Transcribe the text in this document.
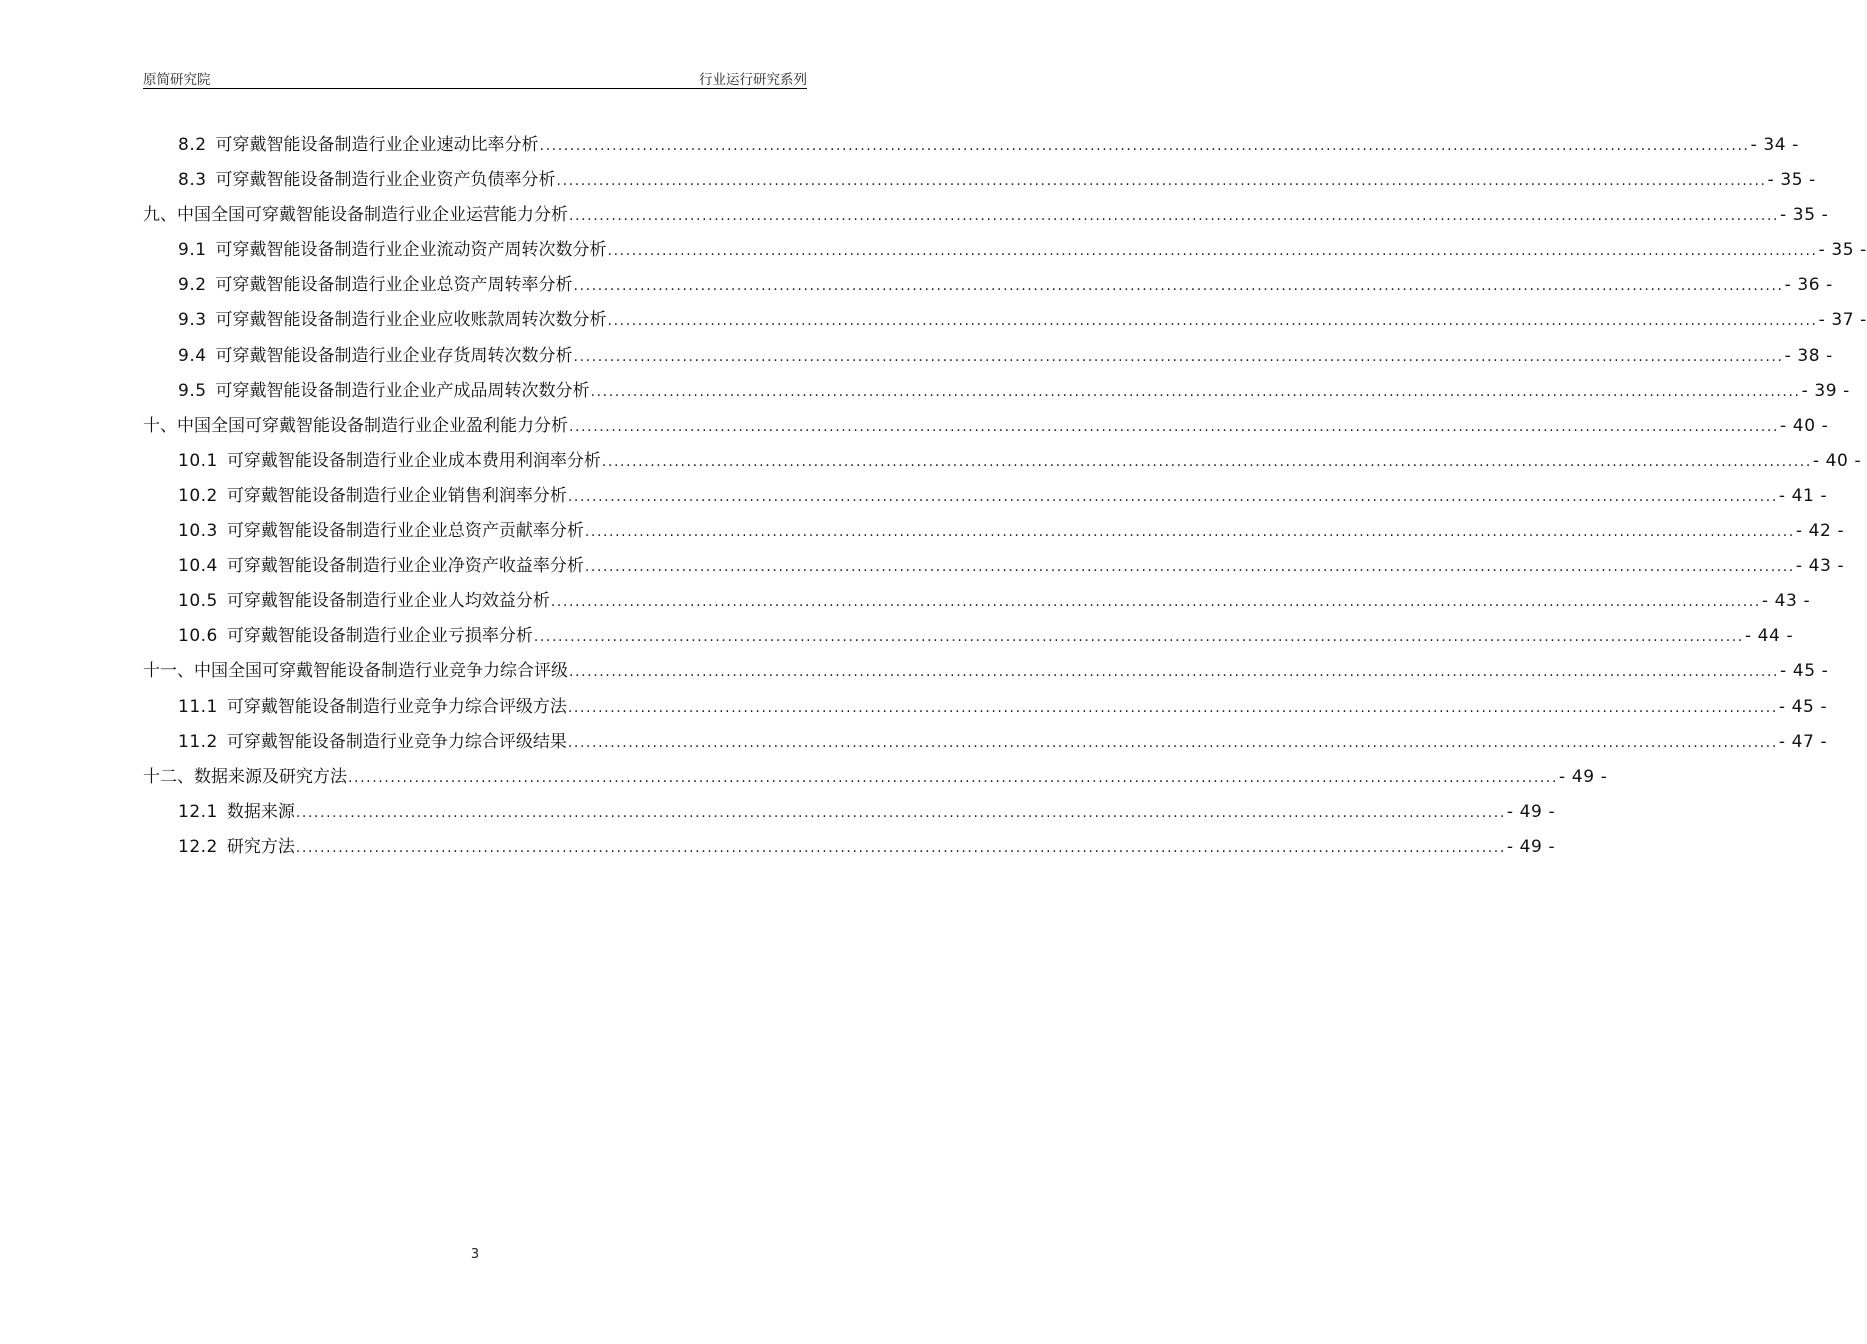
原简研究院	行业运行研究系列
8.2 可穿戴智能设备制造行业企业速动比率分析 ........................................................................................................................................................................................................ - 34 -
8.3 可穿戴智能设备制造行业企业资产负债率分析 ........................................................................................................................................................................................................ - 35 -
九、中国全国可穿戴智能设备制造行业企业运营能力分析 ........................................................................................................................................................................................................ - 35 -
9.1 可穿戴智能设备制造行业企业流动资产周转次数分析 ........................................................................................................................................................................................................ - 35 -
9.2 可穿戴智能设备制造行业企业总资产周转率分析 ........................................................................................................................................................................................................ - 36 -
9.3 可穿戴智能设备制造行业企业应收账款周转次数分析 ........................................................................................................................................................................................................ - 37 -
9.4 可穿戴智能设备制造行业企业存货周转次数分析 ........................................................................................................................................................................................................ - 38 -
9.5 可穿戴智能设备制造行业企业产成品周转次数分析 ........................................................................................................................................................................................................ - 39 -
十、中国全国可穿戴智能设备制造行业企业盈利能力分析 ........................................................................................................................................................................................................ - 40 -
10.1 可穿戴智能设备制造行业企业成本费用利润率分析 ........................................................................................................................................................................................................ - 40 -
10.2 可穿戴智能设备制造行业企业销售利润率分析 ........................................................................................................................................................................................................ - 41 -
10.3 可穿戴智能设备制造行业企业总资产贡献率分析 ........................................................................................................................................................................................................ - 42 -
10.4 可穿戴智能设备制造行业企业净资产收益率分析 ........................................................................................................................................................................................................ - 43 -
10.5 可穿戴智能设备制造行业企业人均效益分析 ........................................................................................................................................................................................................ - 43 -
10.6 可穿戴智能设备制造行业企业亏损率分析 ........................................................................................................................................................................................................ - 44 -
十一、中国全国可穿戴智能设备制造行业竞争力综合评级 ........................................................................................................................................................................................................ - 45 -
11.1 可穿戴智能设备制造行业竞争力综合评级方法 ........................................................................................................................................................................................................ - 45 -
11.2 可穿戴智能设备制造行业竞争力综合评级结果 ........................................................................................................................................................................................................ - 47 -
十二、数据来源及研究方法 ........................................................................................................................................................................................................ - 49 -
12.1 数据来源 ........................................................................................................................................................................................................ - 49 -
12.2 研究方法 ........................................................................................................................................................................................................ - 49 -
3
